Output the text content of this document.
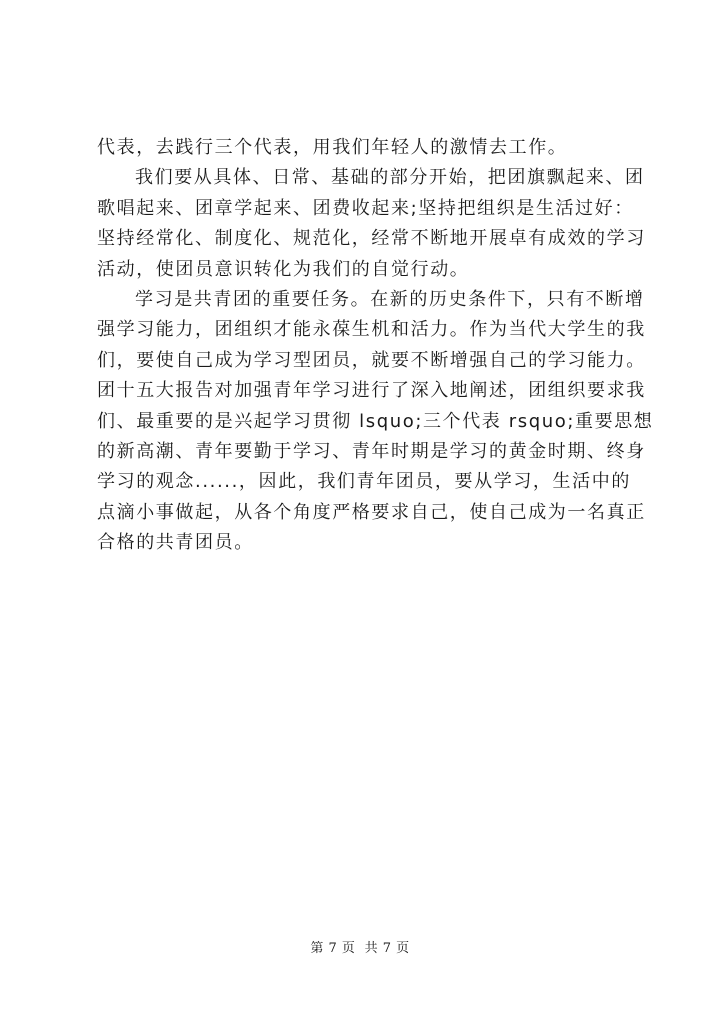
代表，去践行三个代表，用我们年轻人的激情去工作。
我们要从具体、日常、基础的部分开始，把团旗飘起来、团
歌唱起来、团章学起来、团费收起来;坚持把组织是生活过好：
坚持经常化、制度化、规范化，经常不断地开展卓有成效的学习
活动，使团员意识转化为我们的自觉行动。
学习是共青团的重要任务。在新的历史条件下，只有不断增
强学习能力，团组织才能永葆生机和活力。作为当代大学生的我
们，要使自己成为学习型团员，就要不断增强自己的学习能力。
团十五大报告对加强青年学习进行了深入地阐述，团组织要求我
们、最重要的是兴起学习贯彻 lsquo;三个代表 rsquo;重要思想
的新高潮、青年要勤于学习、青年时期是学习的黄金时期、终身
学习的观念......，因此，我们青年团员，要从学习，生活中的
点滴小事做起，从各个角度严格要求自己，使自己成为一名真正
合格的共青团员。
第 7 页  共 7 页
